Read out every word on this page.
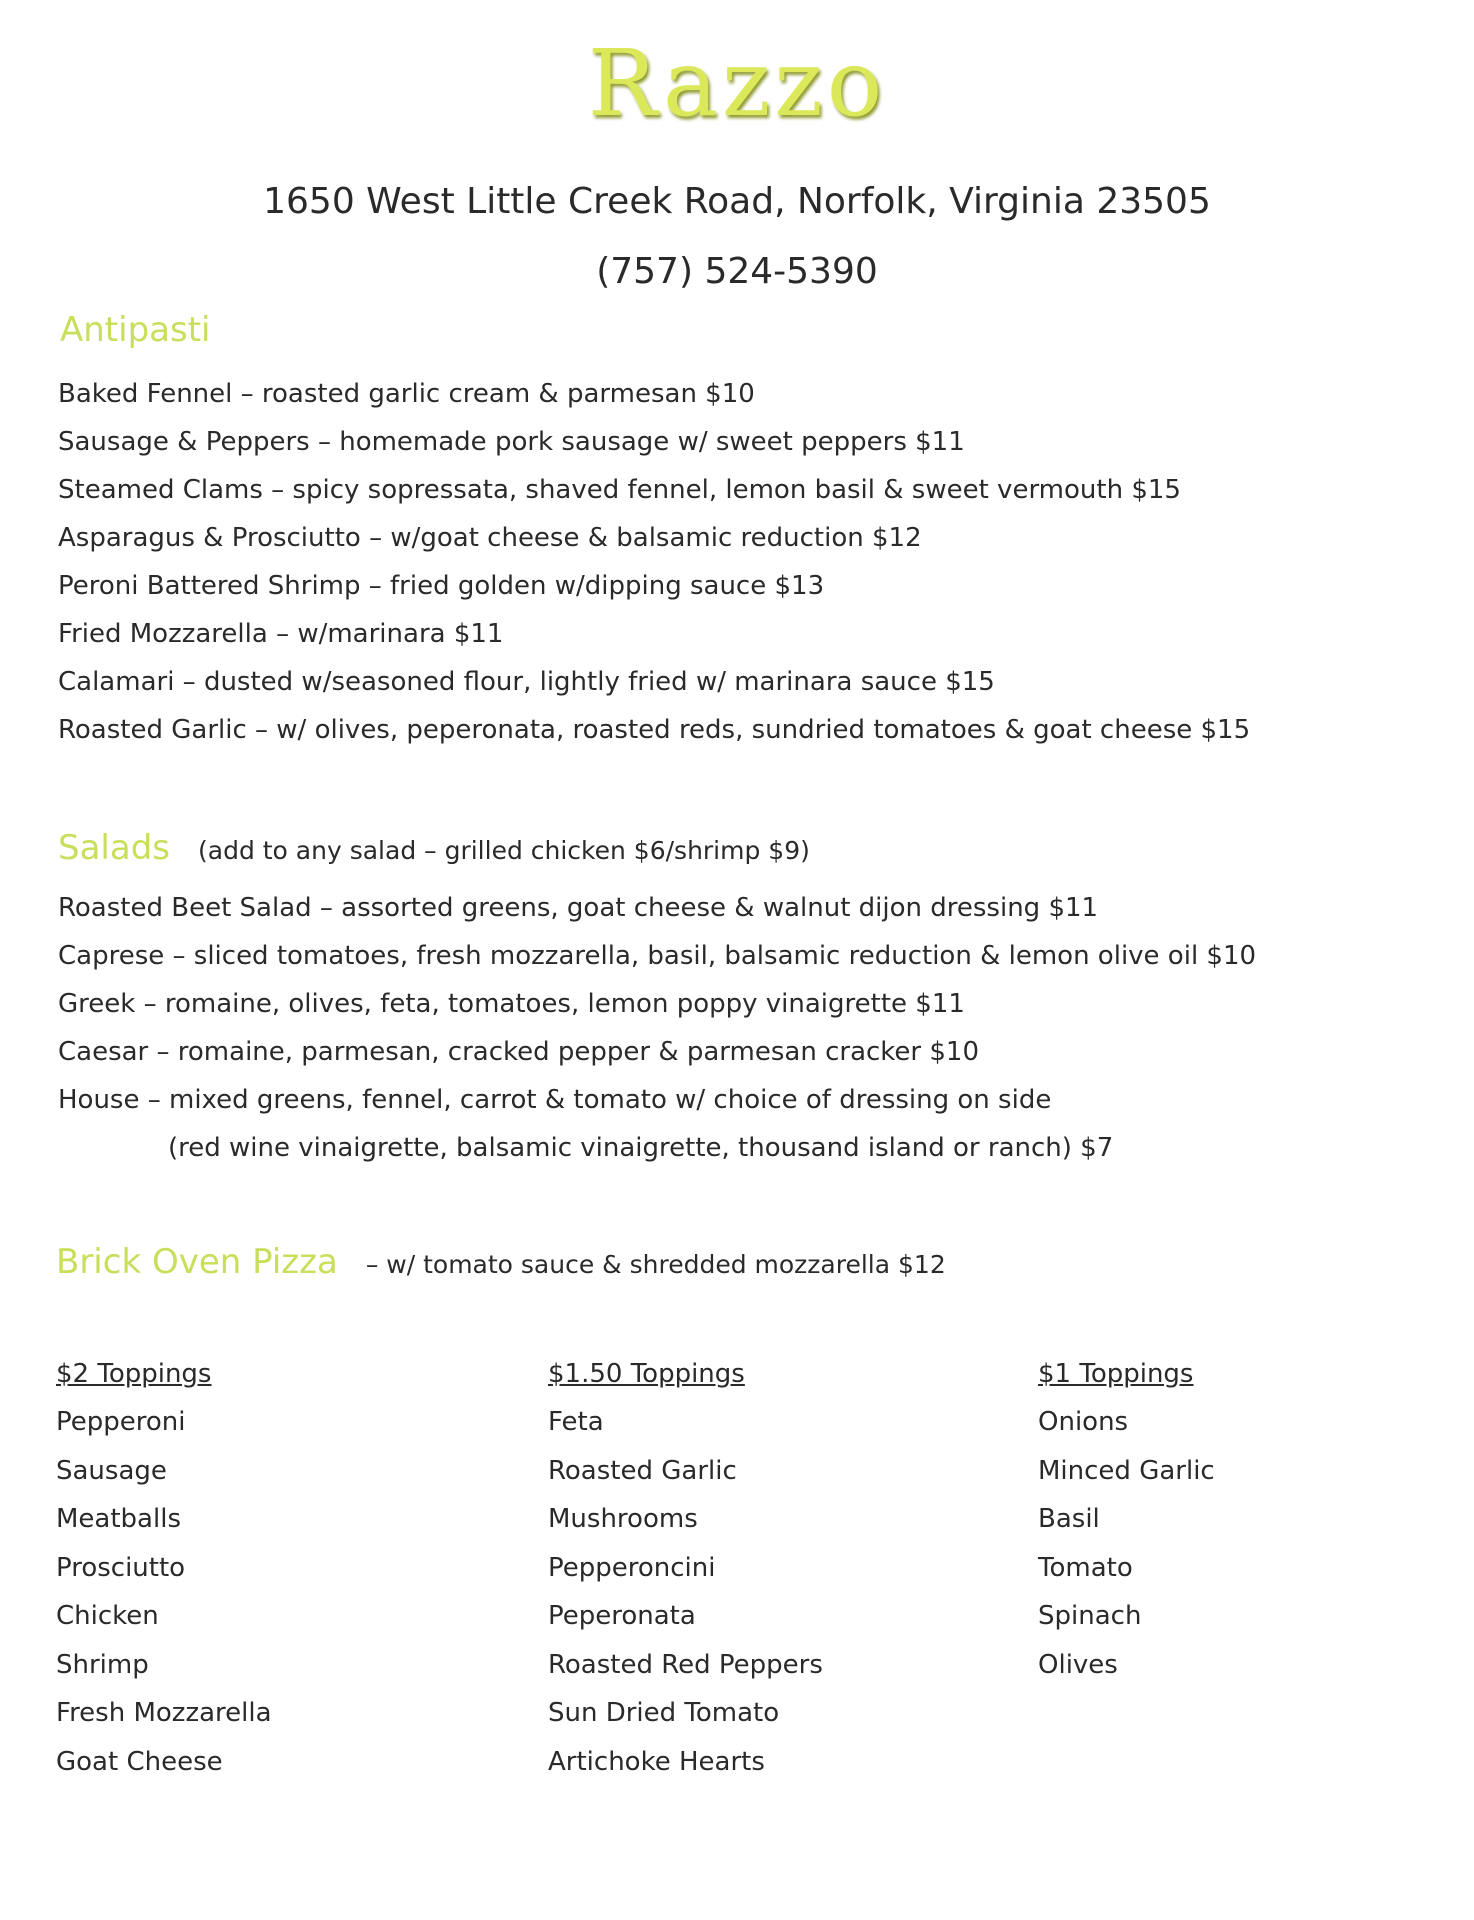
Razzo
1650 West Little Creek Road, Norfolk, Virginia 23505
(757) 524-5390
Antipasti
Baked Fennel – roasted garlic cream & parmesan $10
Sausage & Peppers – homemade pork sausage w/ sweet peppers $11
Steamed Clams – spicy sopressata, shaved fennel, lemon basil & sweet vermouth $15
Asparagus & Prosciutto – w/goat cheese & balsamic reduction $12
Peroni Battered Shrimp – fried golden w/dipping sauce $13
Fried Mozzarella – w/marinara $11
Calamari – dusted w/seasoned flour, lightly fried w/ marinara sauce $15
Roasted Garlic – w/ olives, peperonata, roasted reds, sundried tomatoes & goat cheese $15
Salads (add to any salad – grilled chicken $6/shrimp $9)
Roasted Beet Salad – assorted greens, goat cheese & walnut dijon dressing $11
Caprese – sliced tomatoes, fresh mozzarella, basil, balsamic reduction & lemon olive oil $10
Greek – romaine, olives, feta, tomatoes, lemon poppy vinaigrette $11
Caesar – romaine, parmesan, cracked pepper & parmesan cracker $10
House – mixed greens, fennel, carrot & tomato w/ choice of dressing on side
(red wine vinaigrette, balsamic vinaigrette, thousand island or ranch) $7
Brick Oven Pizza – w/ tomato sauce & shredded mozzarella $12
$2 Toppings
Pepperoni
Sausage
Meatballs
Prosciutto
Chicken
Shrimp
Fresh Mozzarella
Goat Cheese
$1.50 Toppings
Feta
Roasted Garlic
Mushrooms
Pepperoncini
Peperonata
Roasted Red Peppers
Sun Dried Tomato
Artichoke Hearts
$1 Toppings
Onions
Minced Garlic
Basil
Tomato
Spinach
Olives
